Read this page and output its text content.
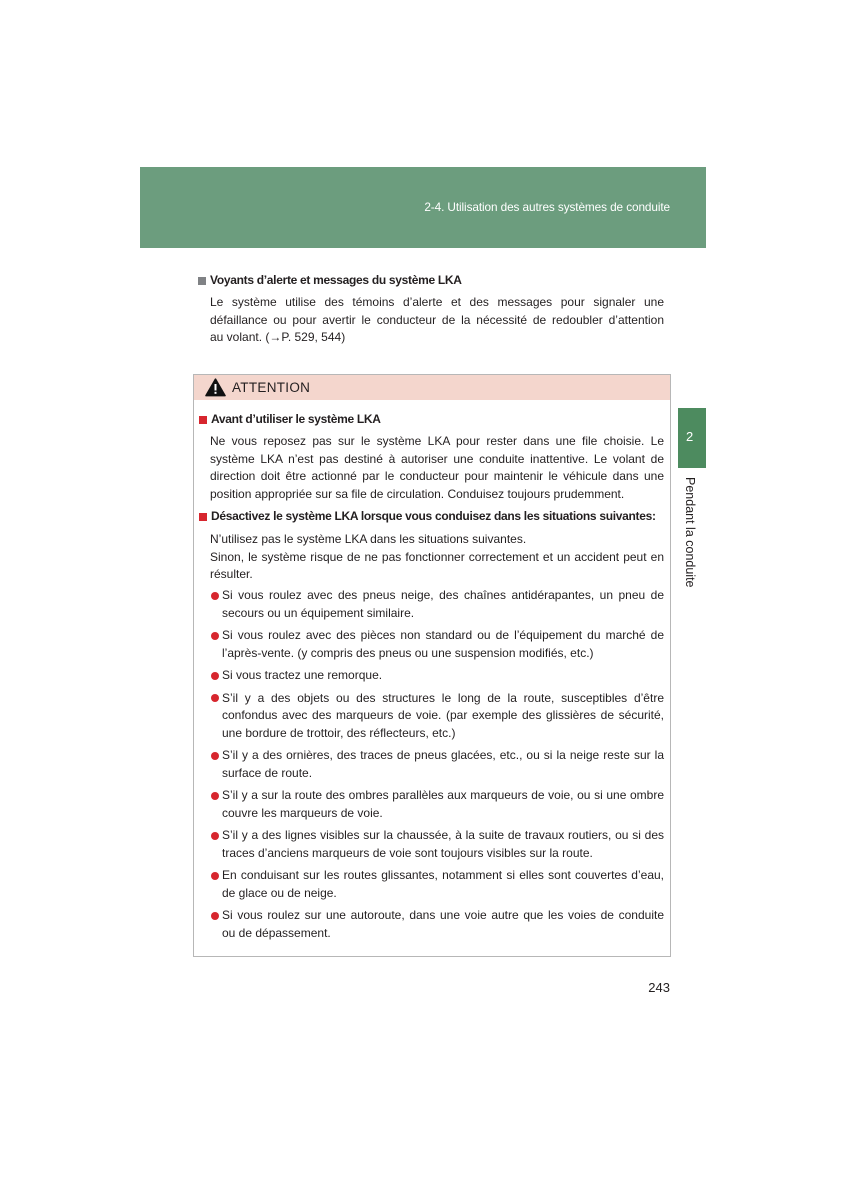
2-4. Utilisation des autres systèmes de conduite
2
Pendant la conduite
Voyants d’alerte et messages du système LKA
Le système utilise des témoins d’alerte et des messages pour signaler une
défaillance ou pour avertir le conducteur de la nécessité de redoubler d’attention
au volant. (→P. 529, 544)
ATTENTION
Avant d’utiliser le système LKA
Ne vous reposez pas sur le système LKA pour rester dans une file choisie. Le
système LKA n’est pas destiné à autoriser une conduite inattentive. Le volant de
direction doit être actionné par le conducteur pour maintenir le véhicule dans une
position appropriée sur sa file de circulation. Conduisez toujours prudemment.
Désactivez le système LKA lorsque vous conduisez dans les situations suivantes:
N’utilisez pas le système LKA dans les situations suivantes.
Sinon, le système risque de ne pas fonctionner correctement et un accident peut en
résulter.
Si vous roulez avec des pneus neige, des chaînes antidérapantes, un pneu de
secours ou un équipement similaire.
Si vous roulez avec des pièces non standard ou de l’équipement du marché de
l’après-vente. (y compris des pneus ou une suspension modifiés, etc.)
Si vous tractez une remorque.
S’il y a des objets ou des structures le long de la route, susceptibles d’être
confondus avec des marqueurs de voie. (par exemple des glissières de sécurité,
une bordure de trottoir, des réflecteurs, etc.)
S’il y a des ornières, des traces de pneus glacées, etc., ou si la neige reste sur la
surface de route.
S’il y a sur la route des ombres parallèles aux marqueurs de voie, ou si une ombre
couvre les marqueurs de voie.
S’il y a des lignes visibles sur la chaussée, à la suite de travaux routiers, ou si des
traces d’anciens marqueurs de voie sont toujours visibles sur la route.
En conduisant sur les routes glissantes, notamment si elles sont couvertes d’eau,
de glace ou de neige.
Si vous roulez sur une autoroute, dans une voie autre que les voies de conduite
ou de dépassement.
243
